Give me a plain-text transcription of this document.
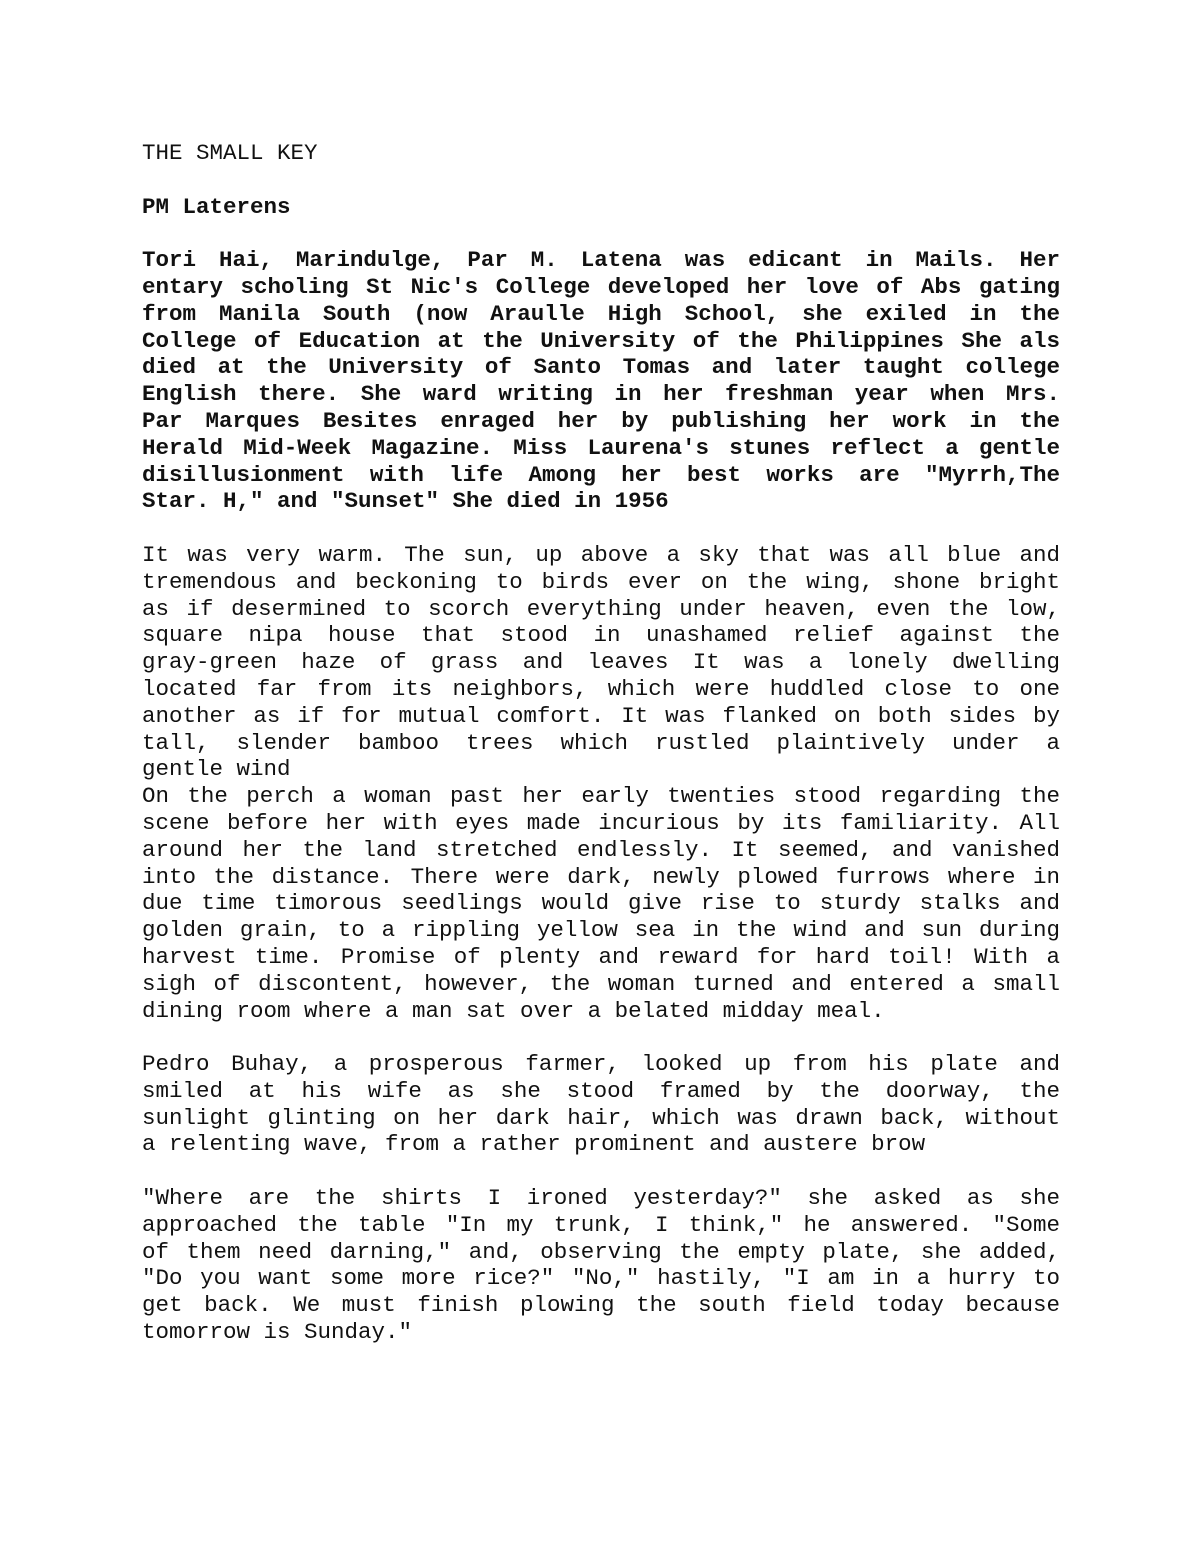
THE SMALL KEY
PM Laterens
Tori Hai, Marindulge, Par M. Latena was edicant in Mails. Her
entary scholing St Nic's College developed her love of Abs gating
from Manila South (now Araulle High School, she exiled in the
College of Education at the University of the Philippines She als
died at the University of Santo Tomas and later taught college
English there. She ward writing in her freshman year when Mrs.
Par Marques Besites enraged her by publishing her work in the
Herald Mid-Week Magazine. Miss Laurena's stunes reflect a gentle
disillusionment with life Among her best works are "Myrrh,The
Star. H," and "Sunset" She died in 1956
It was very warm. The sun, up above a sky that was all blue and
tremendous and beckoning to birds ever on the wing, shone bright
as if desermined to scorch everything under heaven, even the low,
square nipa house that stood in unashamed relief against the
gray-green haze of grass and leaves It was a lonely dwelling
located far from its neighbors, which were huddled close to one
another as if for mutual comfort. It was flanked on both sides by
tall, slender bamboo trees which rustled plaintively under a
gentle wind
On the perch a woman past her early twenties stood regarding the
scene before her with eyes made incurious by its familiarity. All
around her the land stretched endlessly. It seemed, and vanished
into the distance. There were dark, newly plowed furrows where in
due time timorous seedlings would give rise to sturdy stalks and
golden grain, to a rippling yellow sea in the wind and sun during
harvest time. Promise of plenty and reward for hard toil! With a
sigh of discontent, however, the woman turned and entered a small
dining room where a man sat over a belated midday meal.
Pedro Buhay, a prosperous farmer, looked up from his plate and
smiled at his wife as she stood framed by the doorway, the
sunlight glinting on her dark hair, which was drawn back, without
a relenting wave, from a rather prominent and austere brow
"Where are the shirts I ironed yesterday?" she asked as she
approached the table "In my trunk, I think," he answered. "Some
of them need darning," and, observing the empty plate, she added,
"Do you want some more rice?" "No," hastily, "I am in a hurry to
get back. We must finish plowing the south field today because
tomorrow is Sunday."
